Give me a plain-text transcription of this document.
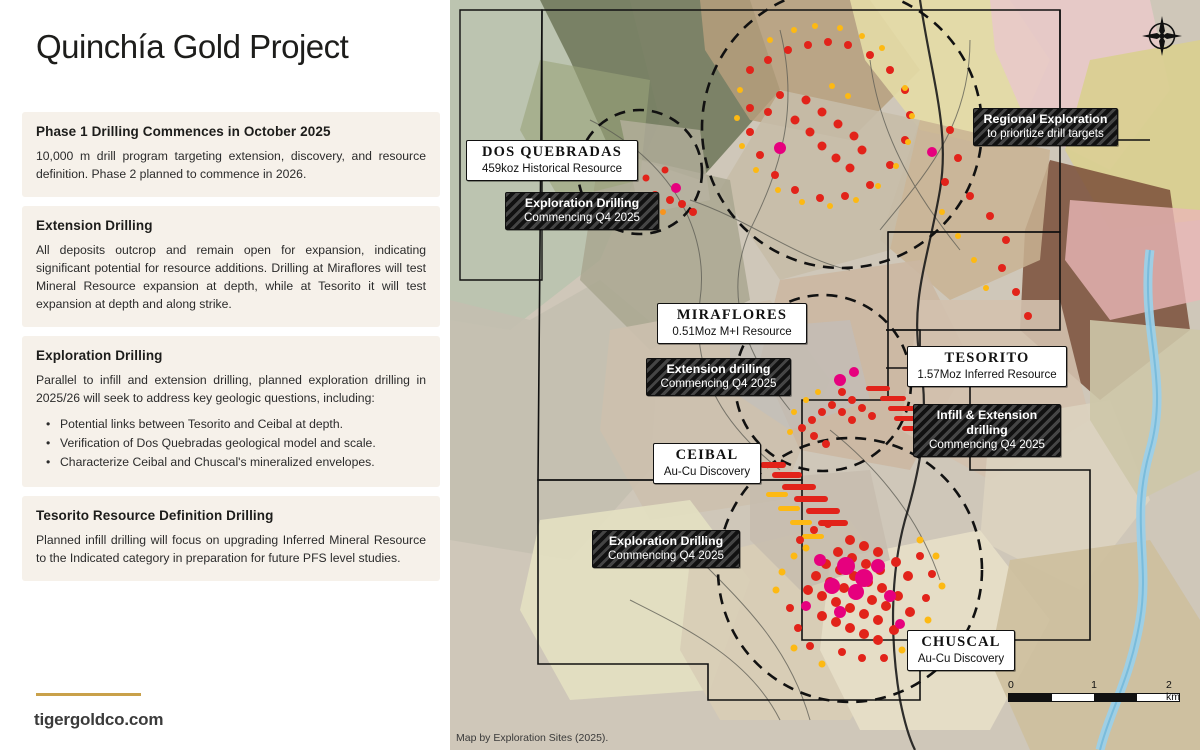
Quinchía Gold Project
Phase 1 Drilling Commences in October 2025

10,000 m drill program targeting extension, discovery, and resource definition. Phase 2 planned to commence in 2026.

Extension Drilling

All deposits outcrop and remain open for expansion, indicating significant potential for resource additions. Drilling at Miraflores will test Mineral Resource expansion at depth, while at Tesorito it will test expansion at depth and along strike.

Exploration Drilling

Parallel to infill and extension drilling, planned exploration drilling in 2025/26 will seek to address key geologic questions, including:

• Potential links between Tesorito and Ceibal at depth.
• Verification of Dos Quebradas geological model and scale.
• Characterize Ceibal and Chuscal's mineralized envelopes.
Tesorito Resource Definition Drilling

Planned infill drilling will focus on upgrading Inferred Mineral Resource to the Indicated category in preparation for future PFS level studies.

tigergoldco.com
DOS QUEBRADAS
459koz Historical Resource
Exploration Drilling
Commencing Q4 2025
Regional Exploration
to prioritize drill targets
MIRAFLORES
0.51Moz M+I Resource
Extension drilling
Commencing Q4 2025
TESORITO
1.57Moz Inferred Resource
Infill & Extension drilling
Commencing Q4 2025
CEIBAL
Au-Cu Discovery
Exploration Drilling
Commencing Q4 2025
CHUSCAL
Au-Cu Discovery
0	1	2 km
Map by Exploration Sites (2025).
